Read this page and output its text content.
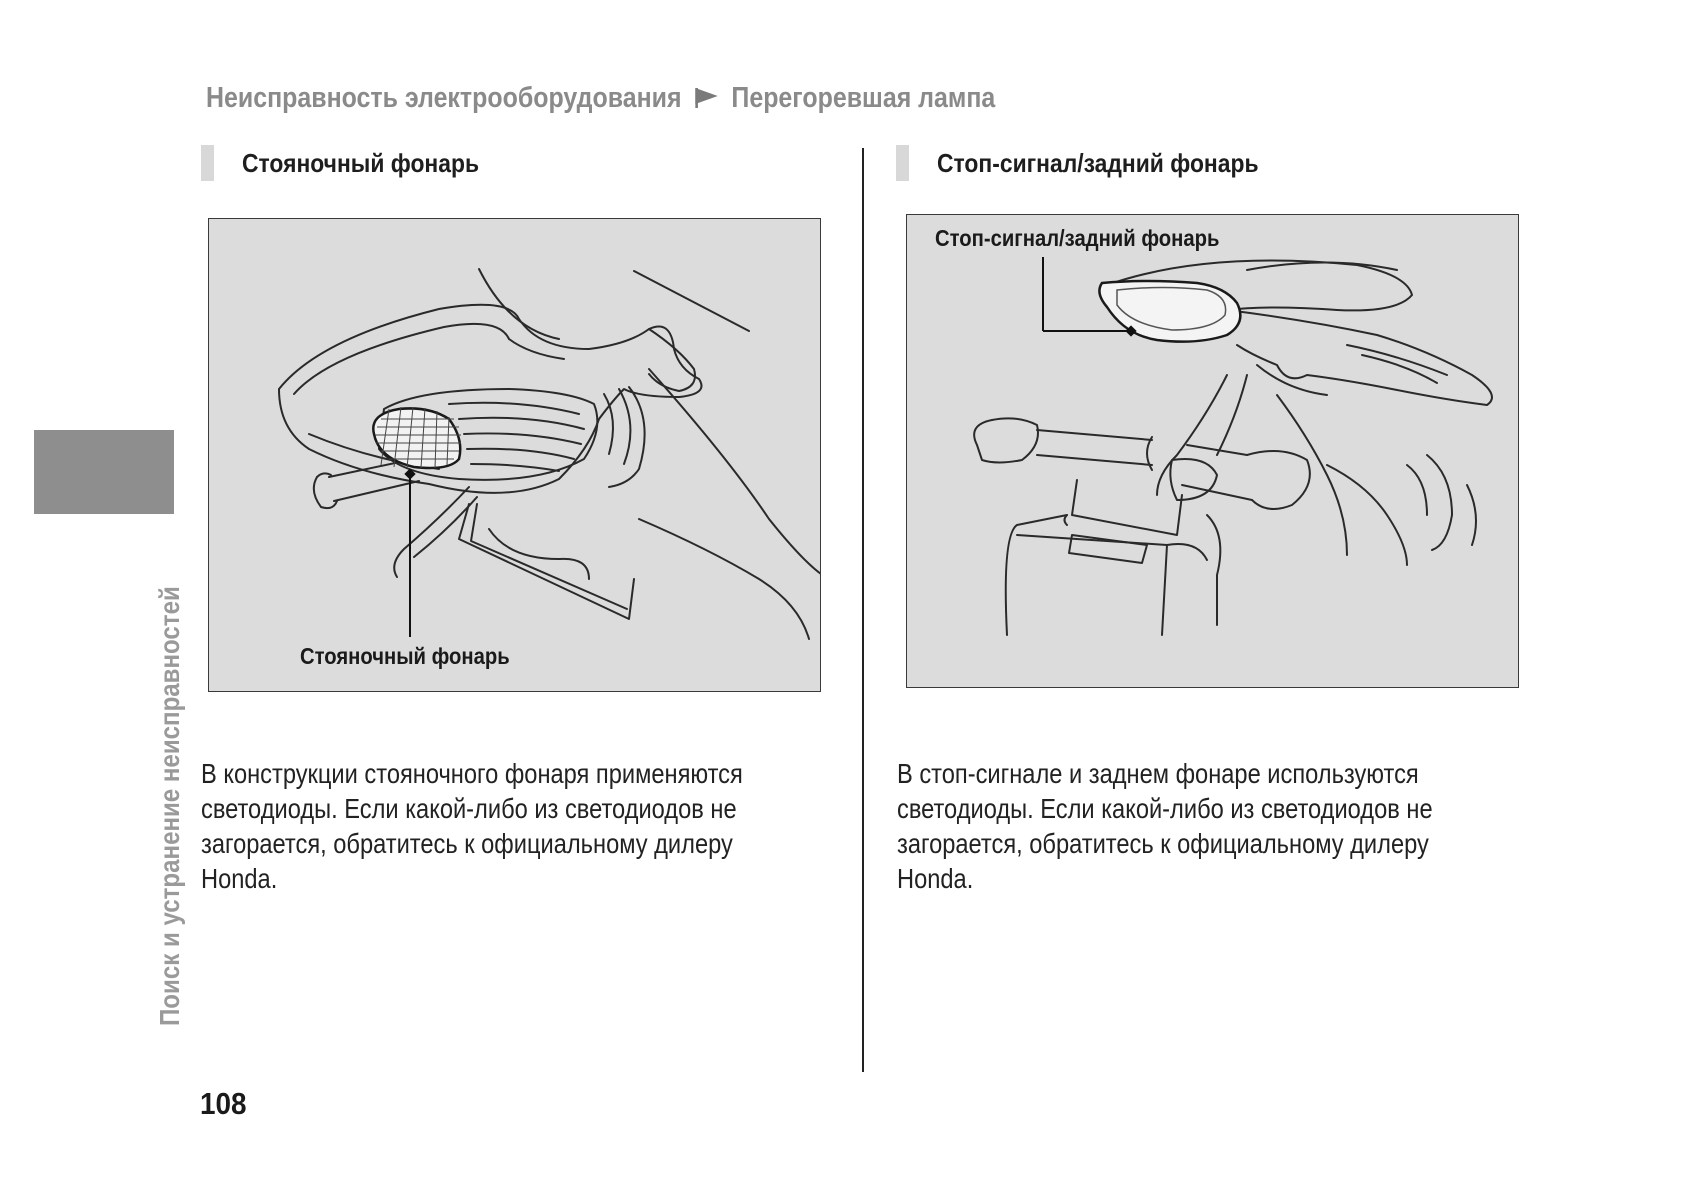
Неисправность электрооборудования Перегоревшая лампа
Поиск и устранение неисправностей
Стояночный фонарь
Стояночный фонарь
В конструкции стояночного фонаря применяются светодиоды. Если какой-либо из светодиодов не загорается, обратитесь к официальному дилеру Honda.
Стоп-сигнал/задний фонарь
Стоп-сигнал/задний фонарь
В стоп-сигнале и заднем фонаре используются светодиоды. Если какой-либо из светодиодов не загорается, обратитесь к официальному дилеру Honda.
108
